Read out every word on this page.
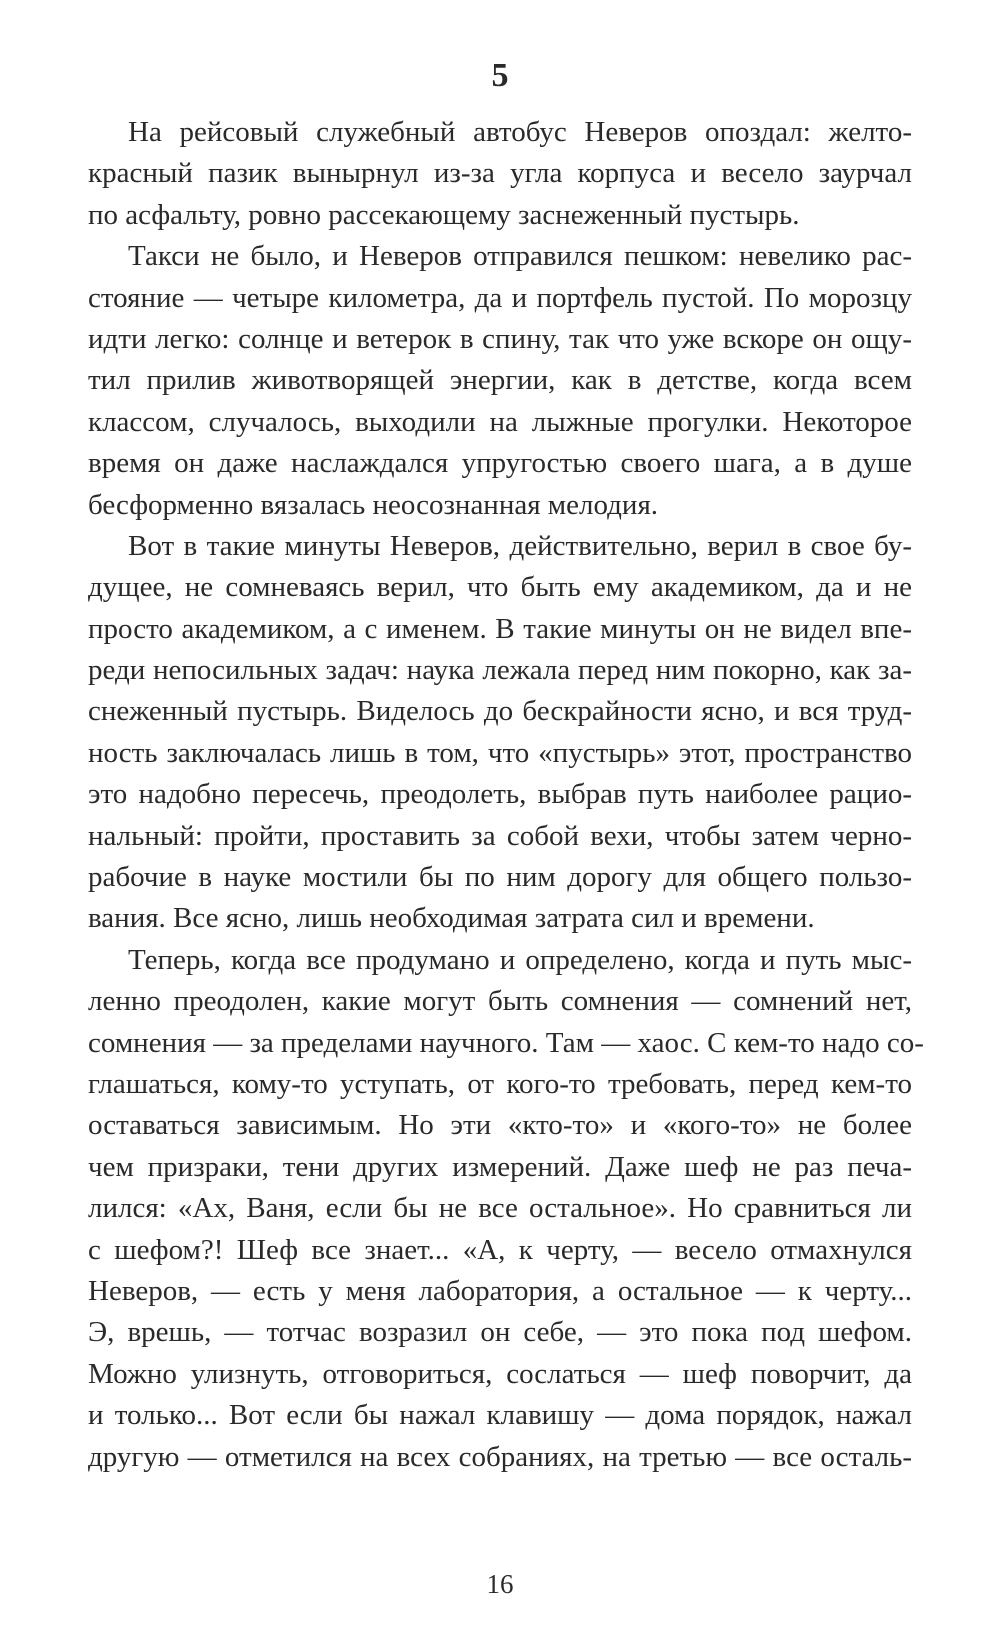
5
На рейсовый служебный автобус Неверов опоздал: желто-
красный пазик вынырнул из-за угла корпуса и весело заурчал
по асфальту, ровно рассекающему заснеженный пустырь.
Такси не было, и Неверов отправился пешком: невелико рас-
стояние — четыре километра, да и портфель пустой. По морозцу
идти легко: солнце и ветерок в спину, так что уже вскоре он ощу-
тил прилив животворящей энергии, как в детстве, когда всем
классом, случалось, выходили на лыжные прогулки. Некоторое
время он даже наслаждался упругостью своего шага, а в душе
бесформенно вязалась неосознанная мелодия.
Вот в такие минуты Неверов, действительно, верил в свое бу-
дущее, не сомневаясь верил, что быть ему академиком, да и не
просто академиком, а с именем. В такие минуты он не видел впе-
реди непосильных задач: наука лежала перед ним покорно, как за-
снеженный пустырь. Виделось до бескрайности ясно, и вся труд-
ность заключалась лишь в том, что «пустырь» этот, пространство
это надобно пересечь, преодолеть, выбрав путь наиболее рацио-
нальный: пройти, проставить за собой вехи, чтобы затем черно-
рабочие в науке мостили бы по ним дорогу для общего пользо-
вания. Все ясно, лишь необходимая затрата сил и времени.
Теперь, когда все продумано и определено, когда и путь мыс-
ленно преодолен, какие могут быть сомнения — сомнений нет,
сомнения — за пределами научного. Там — хаос. С кем-то надо со-
глашаться, кому-то уступать, от кого-то требовать, перед кем-то
оставаться зависимым. Но эти «кто-то» и «кого-то» не более
чем призраки, тени других измерений. Даже шеф не раз печа-
лился: «Ах, Ваня, если бы не все остальное». Но сравниться ли
с шефом?! Шеф все знает... «А, к черту, — весело отмахнулся
Неверов, — есть у меня лаборатория, а остальное — к черту...
Э, врешь, — тотчас возразил он себе, — это пока под шефом.
Можно улизнуть, отговориться, сослаться — шеф поворчит, да
и только... Вот если бы нажал клавишу — дома порядок, нажал
другую — отметился на всех собраниях, на третью — все осталь-
16
